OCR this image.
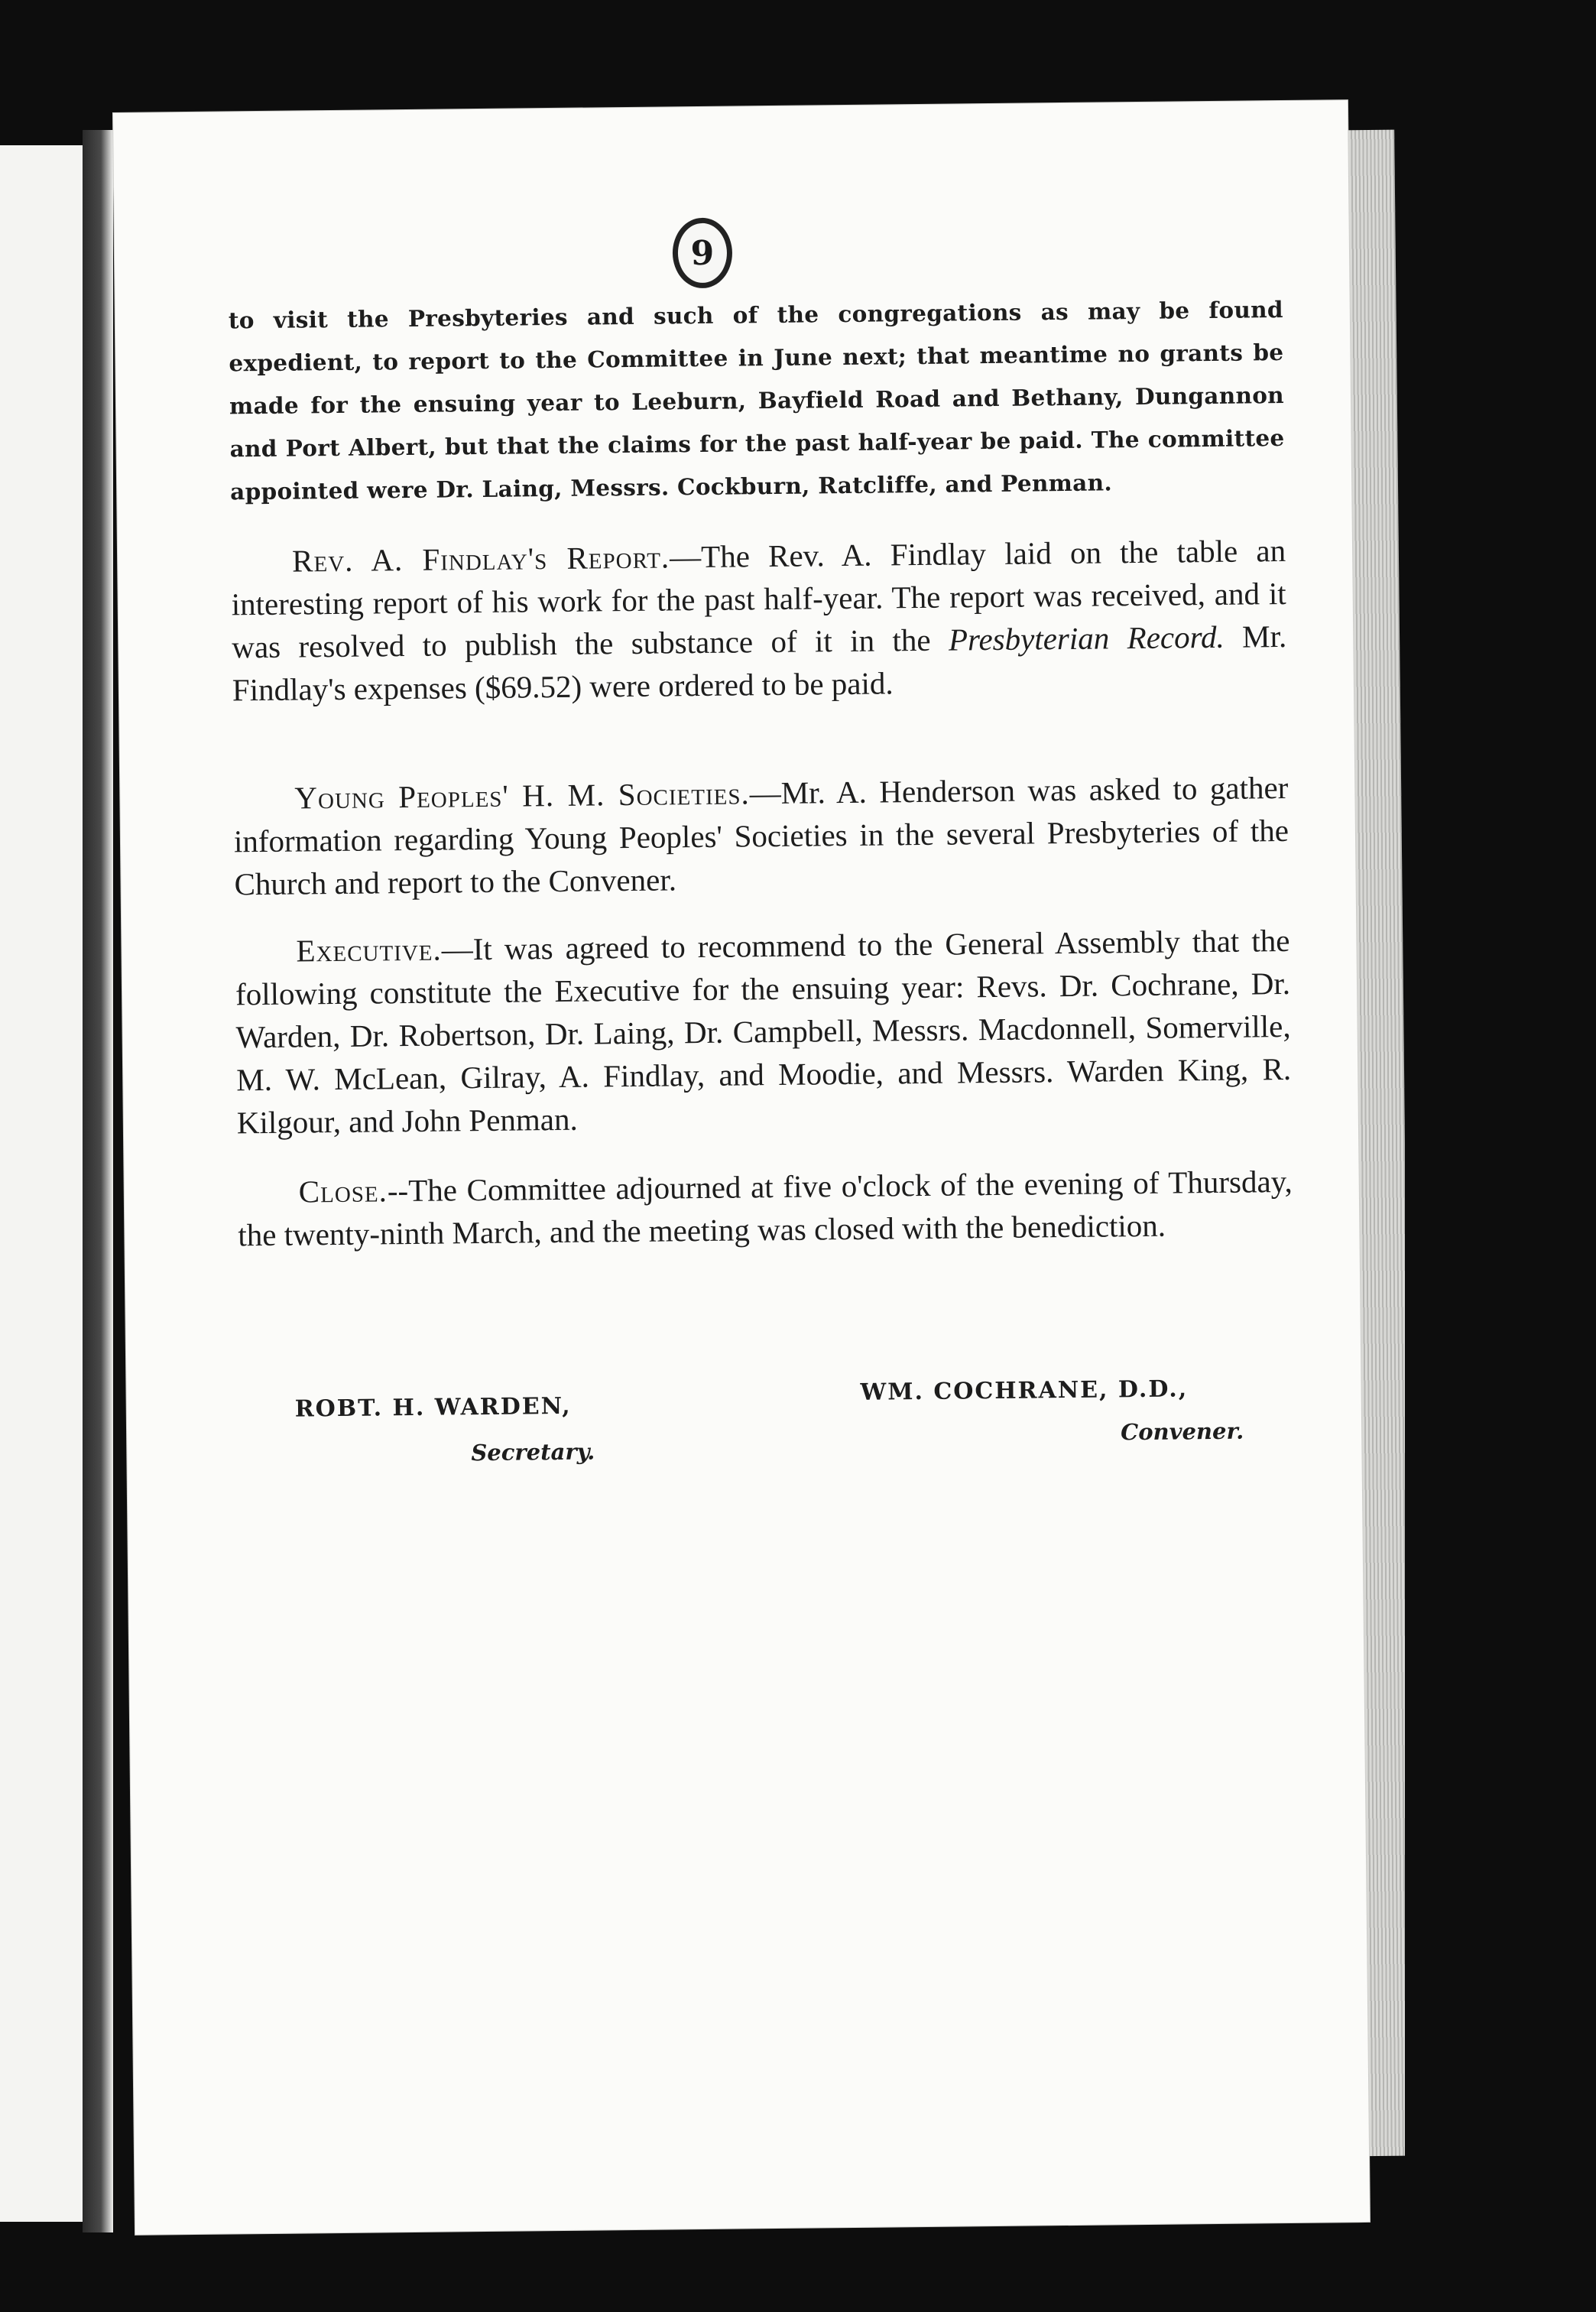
9
to visit the Presbyteries and such of the congregations as may be found expedient, to report to the Committee in June next; that meantime no grants be made for the ensuing year to Leeburn, Bayfield Road and Bethany, Dungannon and Port Albert, but that the claims for the past half-year be paid. The committee appointed were Dr. Laing, Messrs. Cockburn, Ratcliffe, and Penman.

Rev. A. Findlay's Report.—The Rev. A. Findlay laid on the table an interesting report of his work for the past half-year. The report was received, and it was resolved to publish the substance of it in the Presbyterian Record. Mr. Findlay's expenses ($69.52) were ordered to be paid.

Young Peoples' H. M. Societies.—Mr. A. Henderson was asked to gather information regarding Young Peoples' Societies in the several Presbyteries of the Church and report to the Convener.

Executive.—It was agreed to recommend to the General Assembly that the following constitute the Executive for the ensuing year: Revs. Dr. Cochrane, Dr. Warden, Dr. Robertson, Dr. Laing, Dr. Campbell, Messrs. Macdonnell, Somerville, M. W. McLean, Gilray, A. Findlay, and Moodie, and Messrs. Warden King, R. Kilgour, and John Penman.

Close.--The Committee adjourned at five o'clock of the evening of Thursday, the twenty-ninth March, and the meeting was closed with the benediction.

ROBT. H. WARDEN,
Secretary.
WM. COCHRANE, D.D.,
Convener.
